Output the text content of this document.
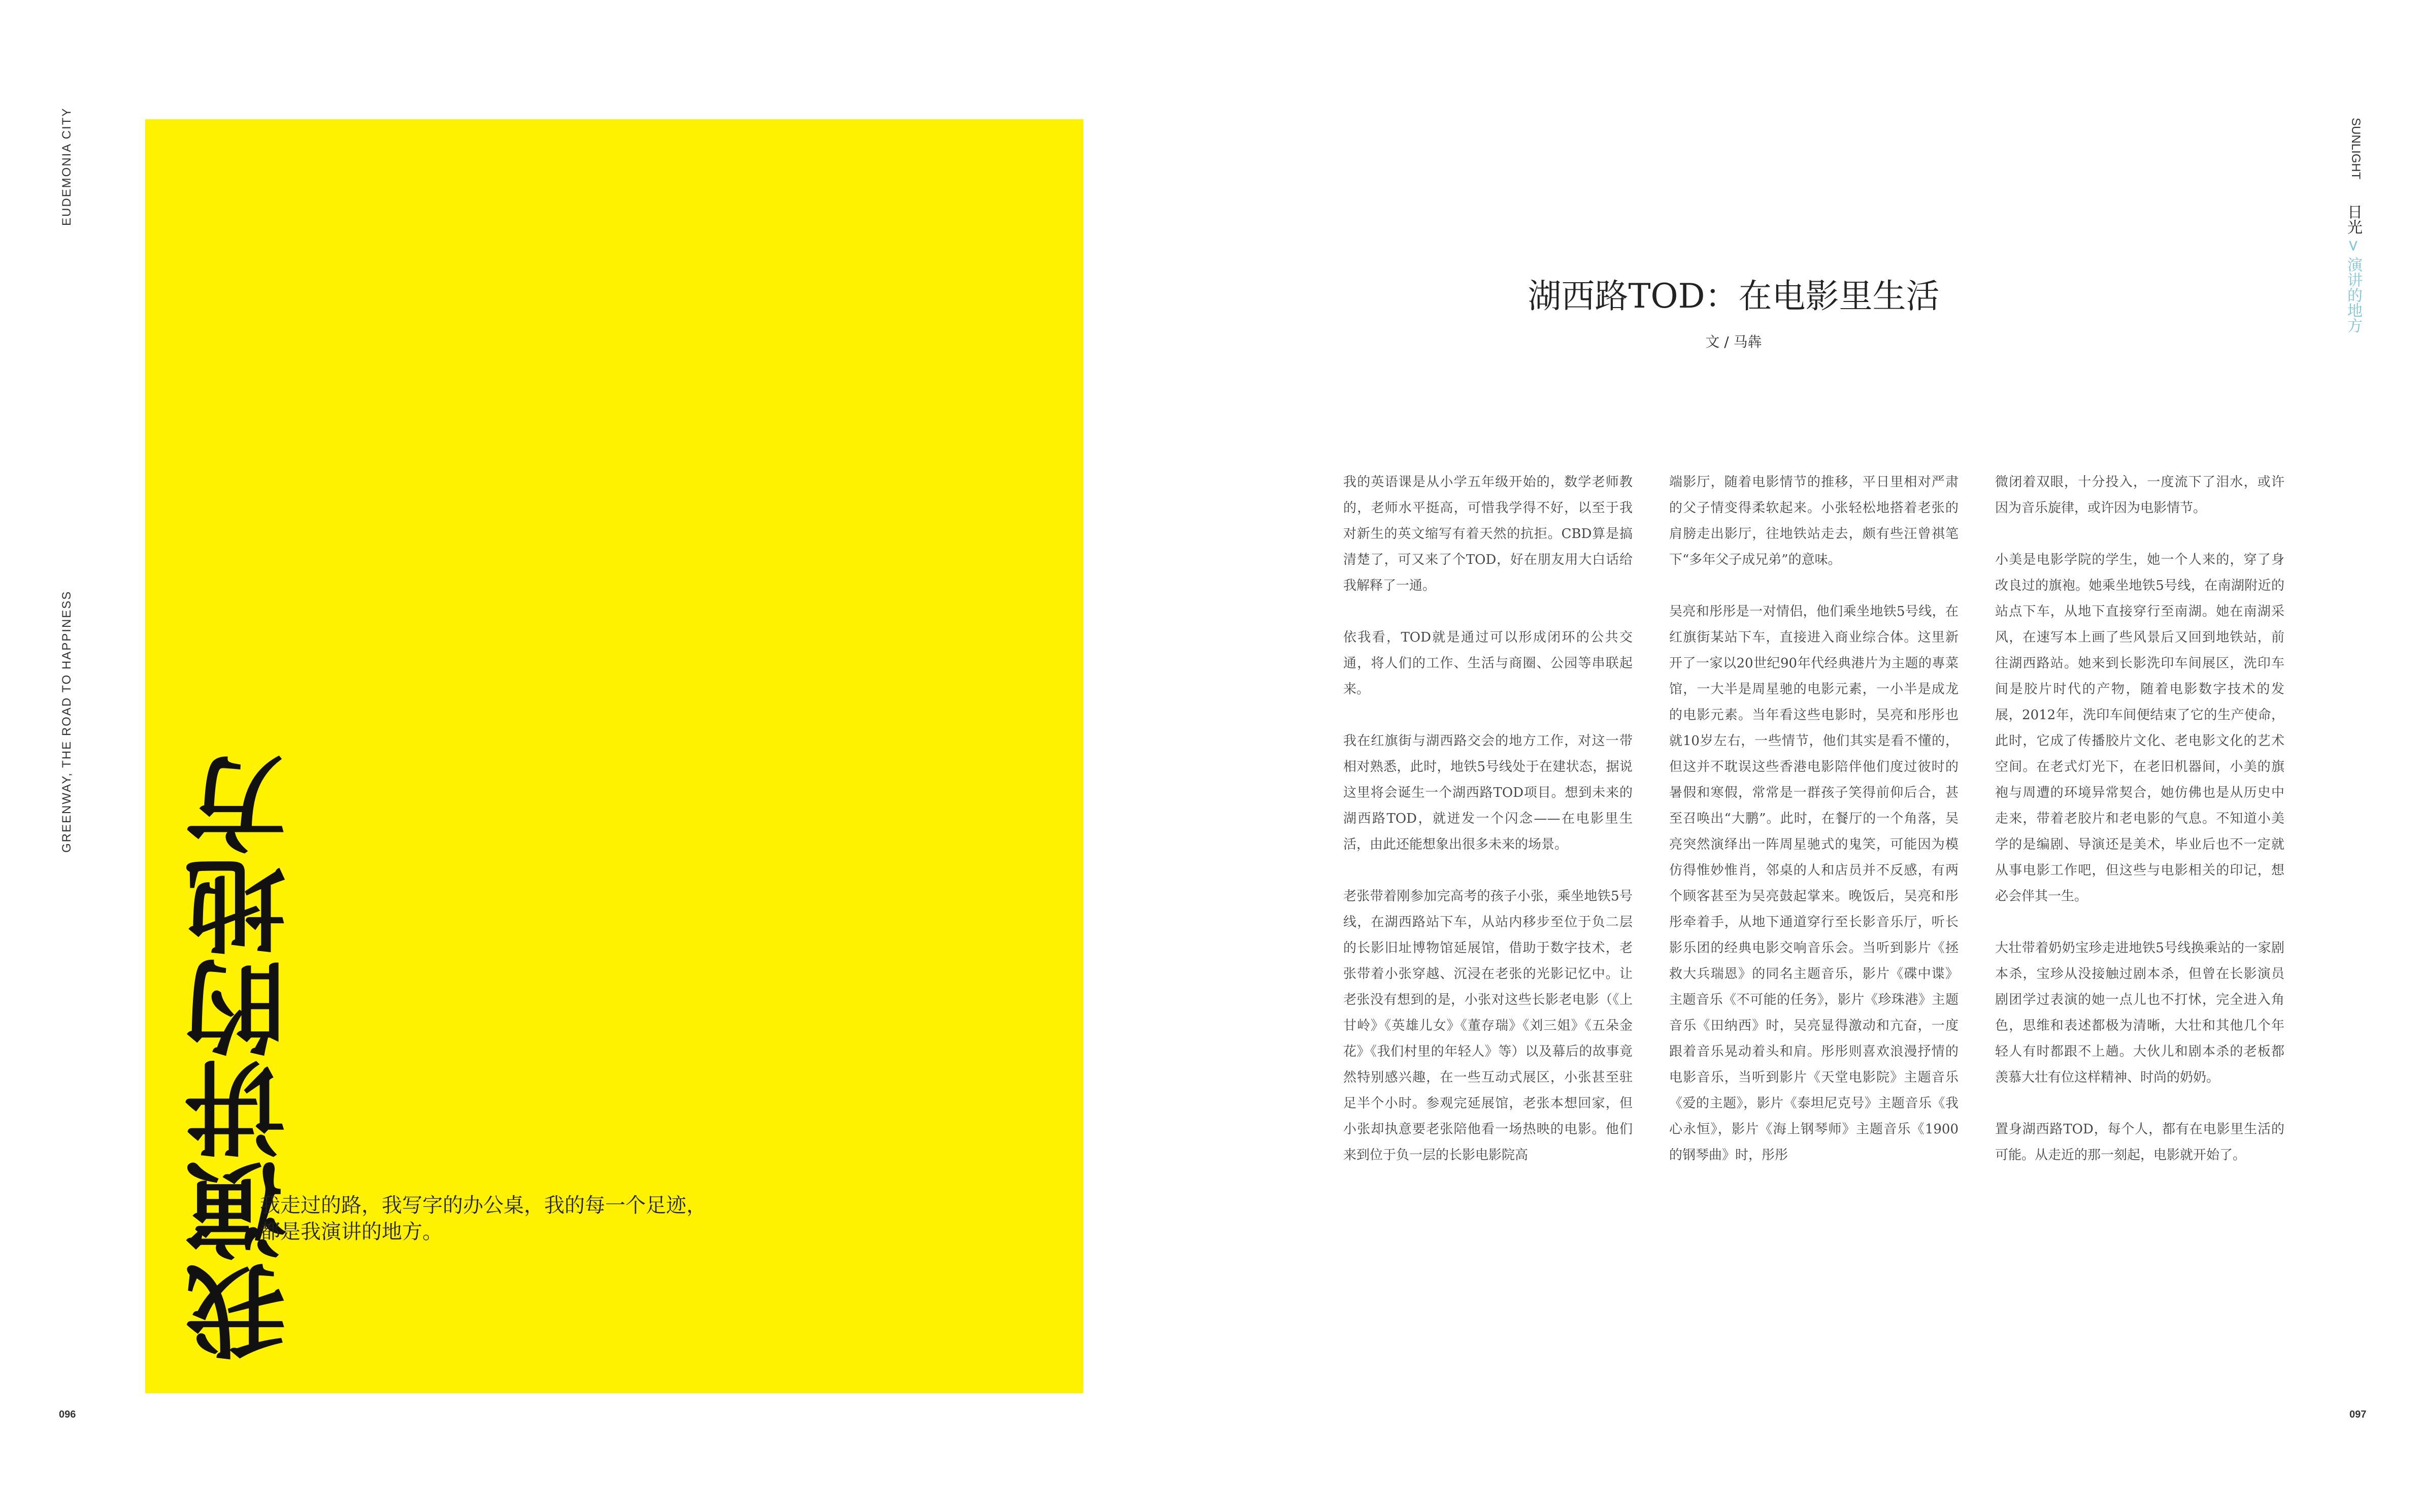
EUDEMONIA CITY
GREENWAY, THE ROAD TO HAPPINESS
我演讲的地方
我走过的路，我写字的办公桌，我的每一个足迹，
都是我演讲的地方。
096
SUNLIGHT
日光 > 演讲的地方
湖西路TOD：在电影里生活
文 / 马犇

我的英语课是从小学五年级开始的，数学老师教的，老师水平挺高，可惜我学得不好，以至于我对新生的英文缩写有着天然的抗拒。CBD算是搞清楚了，可又来了个TOD，好在朋友用大白话给我解释了一通。

依我看，TOD就是通过可以形成闭环的公共交通，将人们的工作、生活与商圈、公园等串联起来。

我在红旗街与湖西路交会的地方工作，对这一带相对熟悉，此时，地铁5号线处于在建状态，据说这里将会诞生一个湖西路TOD项目。想到未来的湖西路TOD，就迸发一个闪念——在电影里生活，由此还能想象出很多未来的场景。

老张带着刚参加完高考的孩子小张，乘坐地铁5号线，在湖西路站下车，从站内移步至位于负二层的长影旧址博物馆延展馆，借助于数字技术，老张带着小张穿越、沉浸在老张的光影记忆中。让老张没有想到的是，小张对这些长影老电影（《上甘岭》《英雄儿女》《董存瑞》《刘三姐》《五朵金花》《我们村里的年轻人》等）以及幕后的故事竟然特别感兴趣，在一些互动式展区，小张甚至驻足半个小时。参观完延展馆，老张本想回家，但小张却执意要老张陪他看一场热映的电影。他们来到位于负一层的长影电影院高

端影厅，随着电影情节的推移，平日里相对严肃的父子情变得柔软起来。小张轻松地搭着老张的肩膀走出影厅，往地铁站走去，颇有些汪曾祺笔下“多年父子成兄弟”的意味。

吴亮和彤彤是一对情侣，他们乘坐地铁5号线，在红旗街某站下车，直接进入商业综合体。这里新开了一家以20世纪90年代经典港片为主题的專菜馆，一大半是周星驰的电影元素，一小半是成龙的电影元素。当年看这些电影时，吴亮和彤彤也就10岁左右，一些情节，他们其实是看不懂的，但这并不耽误这些香港电影陪伴他们度过彼时的暑假和寒假，常常是一群孩子笑得前仰后合，甚至召唤出“大鹏”。此时，在餐厅的一个角落，吴亮突然演绎出一阵周星驰式的鬼笑，可能因为模仿得惟妙惟肖，邻桌的人和店员并不反感，有两个顾客甚至为吴亮鼓起掌来。晚饭后，吴亮和彤彤牵着手，从地下通道穿行至长影音乐厅，听长影乐团的经典电影交响音乐会。当听到影片《拯救大兵瑞恩》的同名主题音乐，影片《碟中谍》主题音乐《不可能的任务》，影片《珍珠港》主题音乐《田纳西》时，吴亮显得激动和亢奋，一度跟着音乐晃动着头和肩。彤彤则喜欢浪漫抒情的电影音乐，当听到影片《天堂电影院》主题音乐《爱的主题》，影片《泰坦尼克号》主题音乐《我心永恒》，影片《海上钢琴师》主题音乐《1900的钢琴曲》时，彤彤

微闭着双眼，十分投入，一度流下了泪水，或许因为音乐旋律，或许因为电影情节。

小美是电影学院的学生，她一个人来的，穿了身改良过的旗袍。她乘坐地铁5号线，在南湖附近的站点下车，从地下直接穿行至南湖。她在南湖采风，在速写本上画了些风景后又回到地铁站，前往湖西路站。她来到长影洗印车间展区，洗印车间是胶片时代的产物，随着电影数字技术的发展，2012年，洗印车间便结束了它的生产使命，此时，它成了传播胶片文化、老电影文化的艺术空间。在老式灯光下，在老旧机器间，小美的旗袍与周遭的环境异常契合，她仿佛也是从历史中走来，带着老胶片和老电影的气息。不知道小美学的是编剧、导演还是美术，毕业后也不一定就从事电影工作吧，但这些与电影相关的印记，想必会伴其一生。

大壮带着奶奶宝珍走进地铁5号线换乘站的一家剧本杀，宝珍从没接触过剧本杀，但曾在长影演员剧团学过表演的她一点儿也不打怵，完全进入角色，思维和表述都极为清晰，大壮和其他几个年轻人有时都跟不上趟。大伙儿和剧本杀的老板都羡慕大壮有位这样精神、时尚的奶奶。

置身湖西路TOD，每个人，都有在电影里生活的可能。从走近的那一刻起，电影就开始了。

097
